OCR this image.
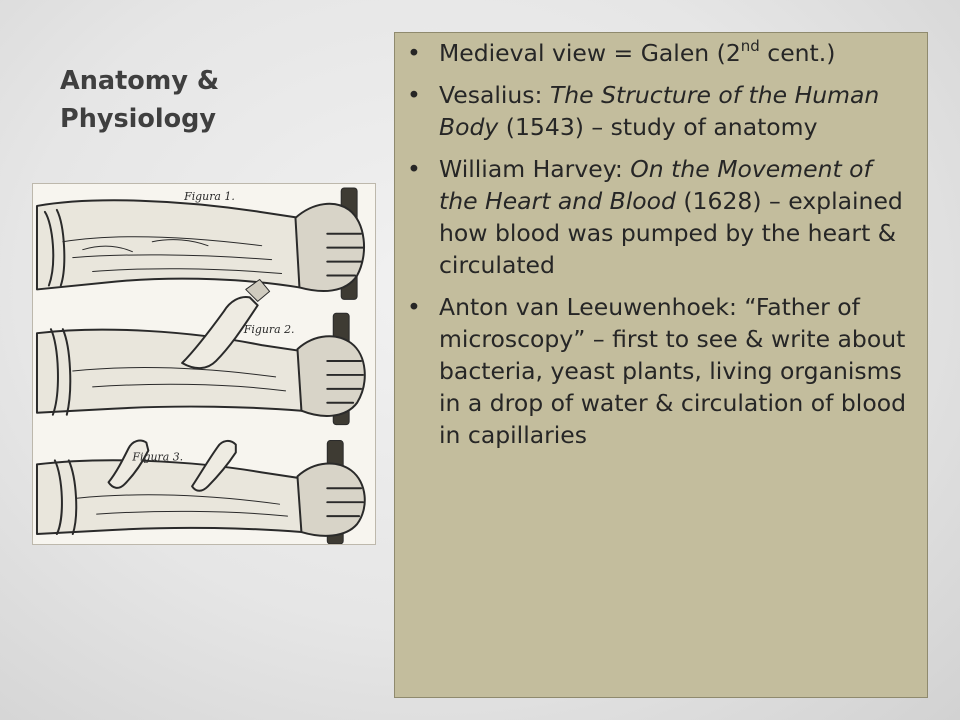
Anatomy & Physiology
Figura 1.
Figura 2.
Figura 3.
• Medieval view = Galen (2nd cent.)
• Vesalius: The Structure of the Human Body (1543) – study of anatomy
• William Harvey: On the Movement of the Heart and Blood (1628) – explained how blood was pumped by the heart & circulated
• Anton van Leeuwenhoek: “Father of microscopy” – first to see & write about bacteria, yeast plants, living organisms in a drop of water & circulation of blood in capillaries
